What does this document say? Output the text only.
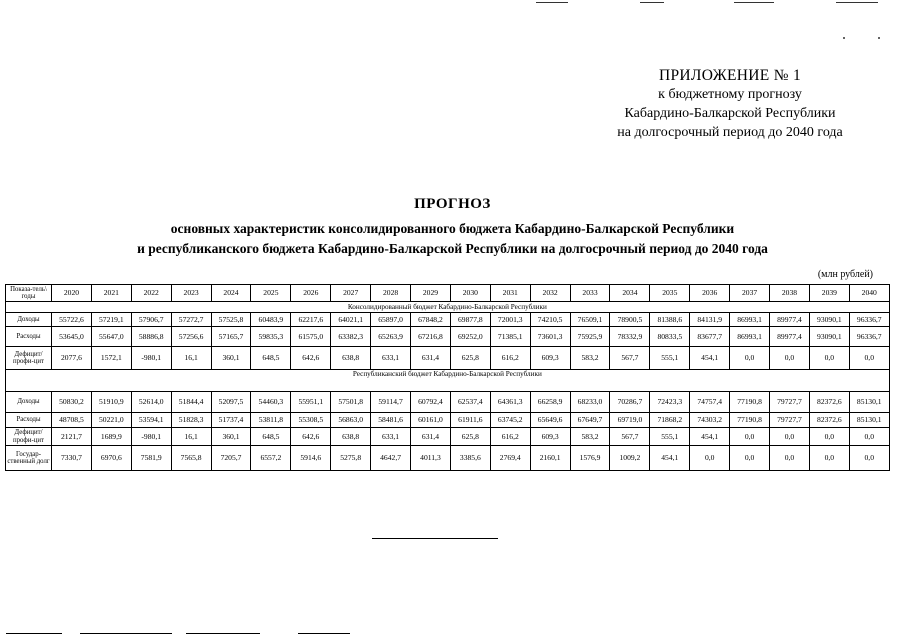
ПРИЛОЖЕНИЕ № 1
к бюджетному прогнозу
Кабардино-Балкарской Республики
на долгосрочный период до 2040 года
ПРОГНОЗ
основных характеристик консолидированного бюджета Кабардино-Балкарской Республики
и республиканского бюджета Кабардино-Балкарской Республики на долгосрочный период до 2040 года
(млн рублей)
Показа-тель\ годы	2020	2021	2022	2023	2024	2025	2026	2027	2028	2029	2030	2031	2032	2033	2034	2035	2036	2037	2038	2039	2040
Консолидированный бюджет Кабардино-Балкарской Республики																					
Доходы	55722,6	57219,1	57906,7	57272,7	57525,8	60483,9	62217,6	64021,1	65897,0	67848,2	69877,8	72001,3	74210,5	76509,1	78900,5	81388,6	84131,9	86993,1	89977,4	93090,1	96336,7
Расходы	53645,0	55647,0	58886,8	57256,6	57165,7	59835,3	61575,0	63382,3	65263,9	67216,8	69252,0	71385,1	73601,3	75925,9	78332,9	80833,5	83677,7	86993,1	89977,4	93090,1	96336,7
Дефицит/ профи-цит	2077,6	1572,1	-980,1	16,1	360,1	648,5	642,6	638,8	633,1	631,4	625,8	616,2	609,3	583,2	567,7	555,1	454,1	0,0	0,0	0,0	0,0
Республиканский бюджет Кабардино-Балкарской Республики																					
Доходы	50830,2	51910,9	52614,0	51844,4	52097,5	54460,3	55951,1	57501,8	59114,7	60792,4	62537,4	64361,3	66258,9	68233,0	70286,7	72423,3	74757,4	77190,8	79727,7	82372,6	85130,1
Расходы	48708,5	50221,0	53594,1	51828,3	51737,4	53811,8	55308,5	56863,0	58481,6	60161,0	61911,6	63745,2	65649,6	67649,7	69719,0	71868,2	74303,2	77190,8	79727,7	82372,6	85130,1
Дефицит/ профи-цит	2121,7	1689,9	-980,1	16,1	360,1	648,5	642,6	638,8	633,1	631,4	625,8	616,2	609,3	583,2	567,7	555,1	454,1	0,0	0,0	0,0	0,0
Государ-ственный долг	7330,7	6970,6	7581,9	7565,8	7205,7	6557,2	5914,6	5275,8	4642,7	4011,3	3385,6	2769,4	2160,1	1576,9	1009,2	454,1	0,0	0,0	0,0	0,0	0,0
